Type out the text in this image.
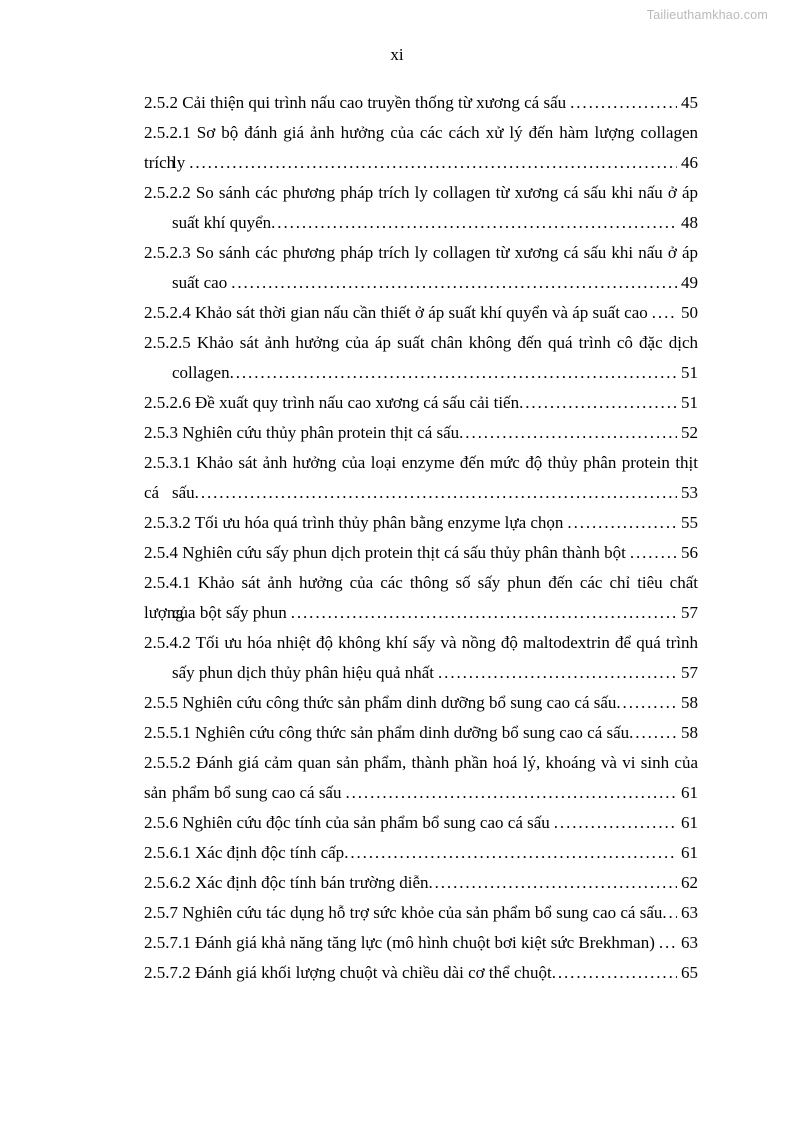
Tailieuthamkhao.com
xi
2.5.2 Cải thiện qui trình nấu cao truyền thống từ xương cá sấu .....	45
2.5.2.1 Sơ bộ đánh giá ảnh hưởng của các cách xử lý đến hàm lượng collagen trích
ly .....	46
2.5.2.2 So sánh các phương pháp trích ly collagen từ xương cá sấu khi nấu ở áp
suất khí quyển .....	48
2.5.2.3 So sánh các phương pháp trích ly collagen từ xương cá sấu khi nấu ở áp
suất cao .....	49
2.5.2.4 Khảo sát thời gian nấu cần thiết ở áp suất khí quyển và áp suất cao ..... 50
2.5.2.5 Khảo sát ảnh hưởng của áp suất chân không đến quá trình cô đặc dịch
collagen .....	51
2.5.2.6 Đề xuất quy trình nấu cao xương cá sấu cải tiến .....	51
2.5.3 Nghiên cứu thủy phân protein thịt cá sấu .....	52
2.5.3.1 Khảo sát ảnh hưởng của loại enzyme đến mức độ thủy phân protein thịt cá sấu .....	53
2.5.3.2 Tối ưu hóa quá trình thủy phân bằng enzyme lựa chọn .....	55
2.5.4 Nghiên cứu sấy phun dịch protein thịt cá sấu thủy phân thành bột .....	56
2.5.4.1 Khảo sát ảnh hưởng của các thông số sấy phun đến các chỉ tiêu chất lượng
của bột sấy phun .....	57
2.5.4.2 Tối ưu hóa nhiệt độ không khí sấy và nồng độ maltodextrin để quá trình
sấy phun dịch thủy phân hiệu quả nhất .....	57
2.5.5 Nghiên cứu công thức sản phẩm dinh dưỡng bổ sung cao cá sấu .....	58
2.5.5.1 Nghiên cứu công thức sản phẩm dinh dưỡng bổ sung cao cá sấu .....	58
2.5.5.2 Đánh giá cảm quan sản phẩm, thành phần hoá lý, khoáng và vi sinh của sản phẩm bổ sung cao cá sấu .....	61
2.5.6 Nghiên cứu độc tính của sản phẩm bổ sung cao cá sấu .....	61
2.5.6.1 Xác định độc tính cấp .....	61
2.5.6.2 Xác định độc tính bán trường diễn .....	62
2.5.7 Nghiên cứu tác dụng hỗ trợ sức khỏe của sản phẩm bổ sung cao cá sấu ..... 63
2.5.7.1 Đánh giá khả năng tăng lực (mô hình chuột bơi kiệt sức Brekhman) ..... 63
2.5.7.2 Đánh giá khối lượng chuột và chiều dài cơ thể chuột .....	65
